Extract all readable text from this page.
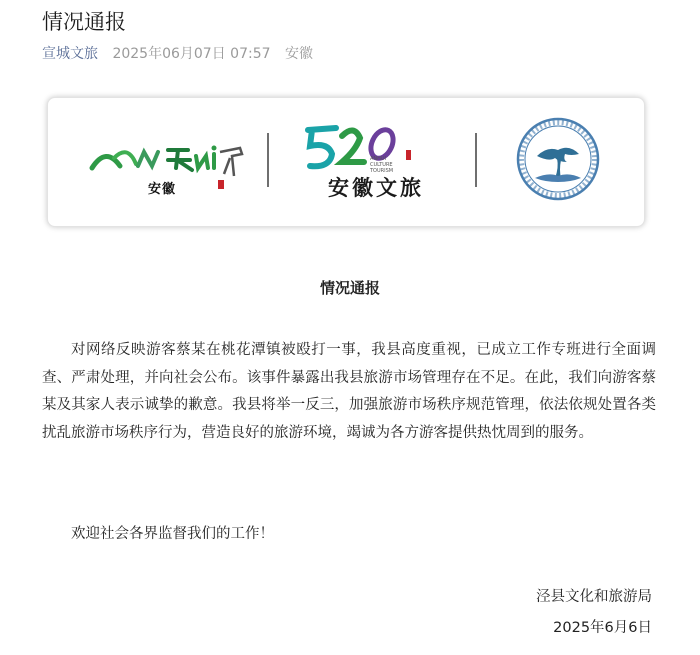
情况通报
宣城文旅 2025年06月07日 07:57 安徽
安徽
ANHUI
CULTURE
TOURISM
安徽文旅
情况通报

对网络反映游客蔡某在桃花潭镇被殴打一事，我县高度重视，已成立工作专班进行全面调查、严肃处理，并向社会公布。该事件暴露出我县旅游市场管理存在不足。在此，我们向游客蔡某及其家人表示诚挚的歉意。我县将举一反三，加强旅游市场秩序规范管理，依法依规处置各类扰乱旅游市场秩序行为，营造良好的旅游环境，竭诚为各方游客提供热忱周到的服务。

欢迎社会各界监督我们的工作！

泾县文化和旅游局

2025年6月6日
